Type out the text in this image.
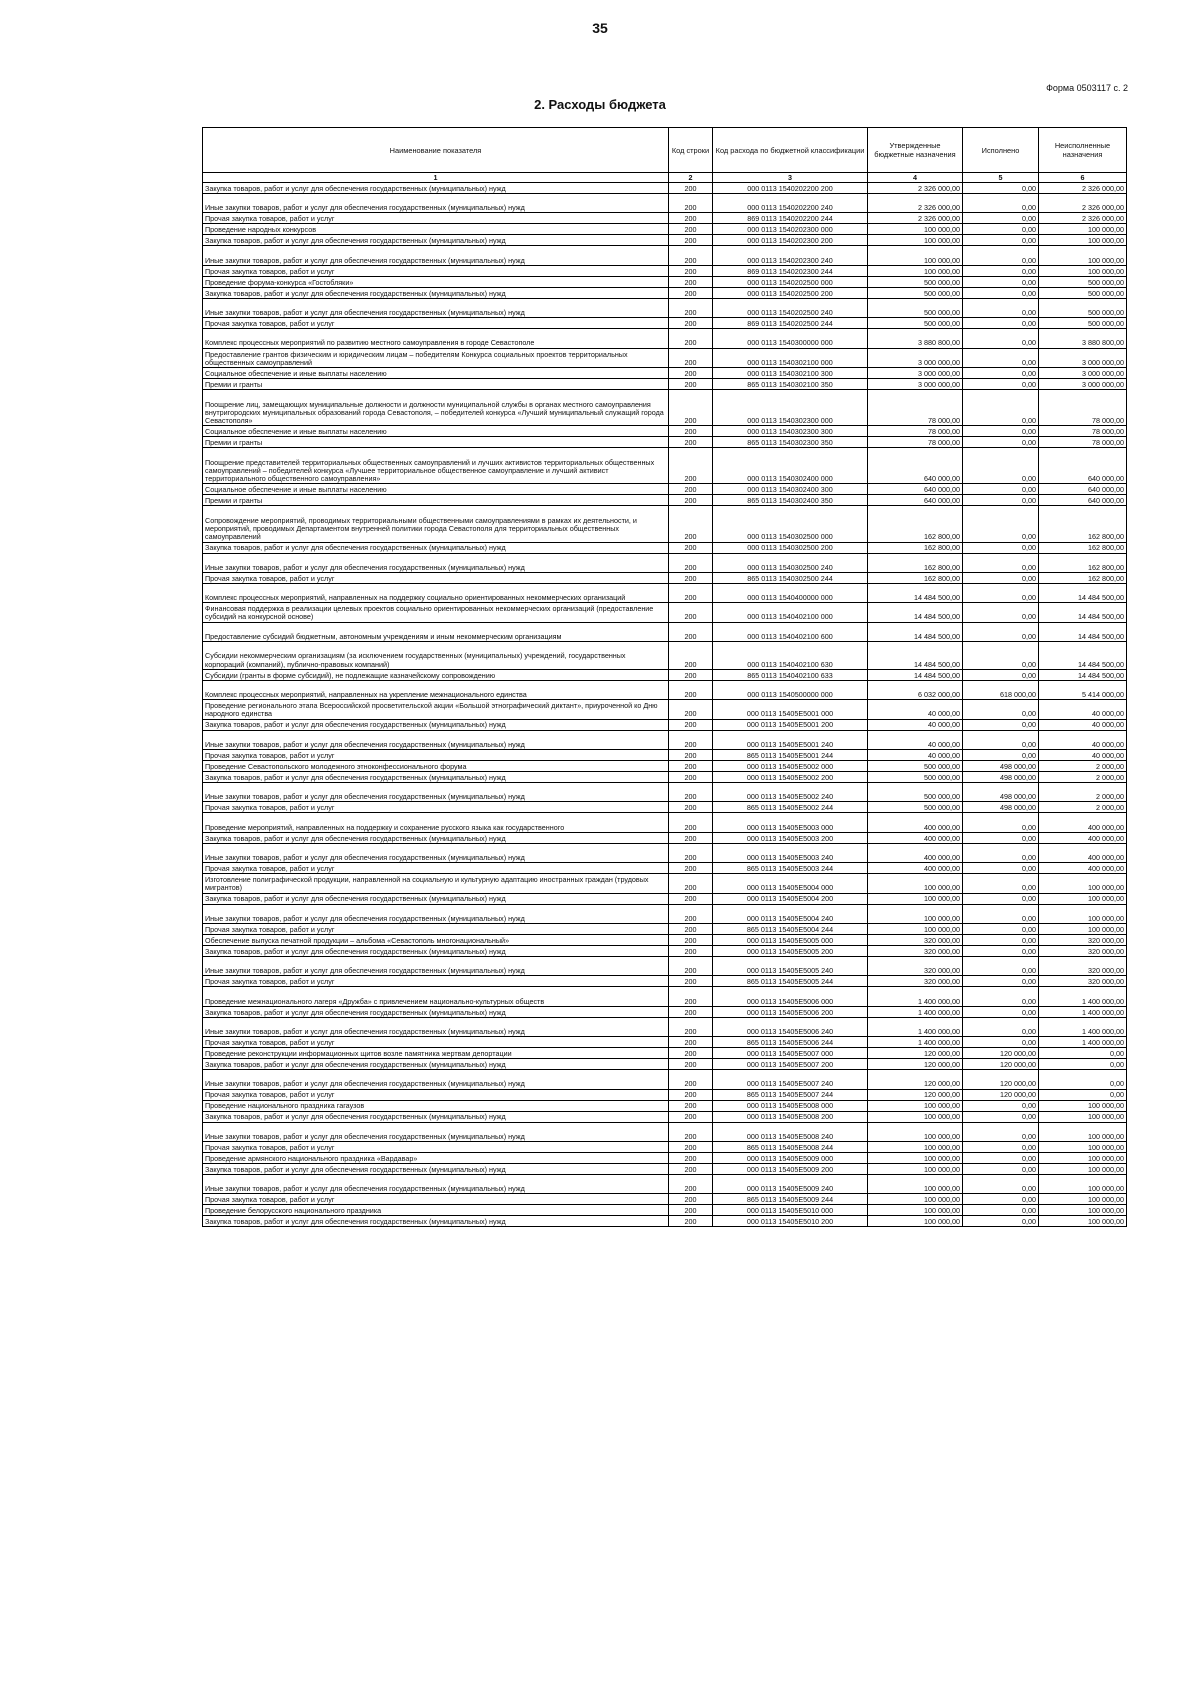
35
Форма 0503117 с. 2
2. Расходы бюджета
Наименование показателя	Код строки	Код расхода по бюджетной классификации	Утвержденные бюджетные назначения	Исполнено	Неисполненные назначения
1	2	3	4	5	6
Закупка товаров, работ и услуг для обеспечения государственных (муниципальных) нужд	200	000 0113 1540202200 200	2 326 000,00	0,00	2 326 000,00
Иные закупки товаров, работ и услуг для обеспечения государственных (муниципальных) нужд	200	000 0113 1540202200 240	2 326 000,00	0,00	2 326 000,00
Прочая закупка товаров, работ и услуг	200	869 0113 1540202200 244	2 326 000,00	0,00	2 326 000,00
Проведение народных конкурсов	200	000 0113 1540202300 000	100 000,00	0,00	100 000,00
Закупка товаров, работ и услуг для обеспечения государственных (муниципальных) нужд	200	000 0113 1540202300 200	100 000,00	0,00	100 000,00
Иные закупки товаров, работ и услуг для обеспечения государственных (муниципальных) нужд	200	000 0113 1540202300 240	100 000,00	0,00	100 000,00
Прочая закупка товаров, работ и услуг	200	869 0113 1540202300 244	100 000,00	0,00	100 000,00
Проведение форума-конкурса «Гостобляки»	200	000 0113 1540202500 000	500 000,00	0,00	500 000,00
Закупка товаров, работ и услуг для обеспечения государственных (муниципальных) нужд	200	000 0113 1540202500 200	500 000,00	0,00	500 000,00
Иные закупки товаров, работ и услуг для обеспечения государственных (муниципальных) нужд	200	000 0113 1540202500 240	500 000,00	0,00	500 000,00
Прочая закупка товаров, работ и услуг	200	869 0113 1540202500 244	500 000,00	0,00	500 000,00
Комплекс процессных мероприятий по развитию местного самоуправления в городе Севастополе	200	000 0113 1540300000 000	3 880 800,00	0,00	3 880 800,00
Предоставление грантов физическим и юридическим лицам – победителям Конкурса социальных проектов территориальных общественных самоуправлений	200	000 0113 1540302100 000	3 000 000,00	0,00	3 000 000,00
Социальное обеспечение и иные выплаты населению	200	000 0113 1540302100 300	3 000 000,00	0,00	3 000 000,00
Премии и гранты	200	865 0113 1540302100 350	3 000 000,00	0,00	3 000 000,00
Поощрение лиц, замещающих муниципальные должности и должности муниципальной службы в органах местного самоуправления внутригородских муниципальных образований города Севастополя, – победителей конкурса «Лучший муниципальный служащий города Севастополя»	200	000 0113 1540302300 000	78 000,00	0,00	78 000,00
Социальное обеспечение и иные выплаты населению	200	000 0113 1540302300 300	78 000,00	0,00	78 000,00
Премии и гранты	200	865 0113 1540302300 350	78 000,00	0,00	78 000,00
Поощрение представителей территориальных общественных самоуправлений и лучших активистов территориальных общественных самоуправлений – победителей конкурса «Лучшее территориальное общественное самоуправление и лучший активист территориального общественного самоуправления»	200	000 0113 1540302400 000	640 000,00	0,00	640 000,00
Социальное обеспечение и иные выплаты населению	200	000 0113 1540302400 300	640 000,00	0,00	640 000,00
Премии и гранты	200	865 0113 1540302400 350	640 000,00	0,00	640 000,00
Сопровождение мероприятий, проводимых территориальными общественными самоуправлениями в рамках их деятельности, и мероприятий, проводимых Департаментом внутренней политики города Севастополя для территориальных общественных самоуправлений	200	000 0113 1540302500 000	162 800,00	0,00	162 800,00
Закупка товаров, работ и услуг для обеспечения государственных (муниципальных) нужд	200	000 0113 1540302500 200	162 800,00	0,00	162 800,00
Иные закупки товаров, работ и услуг для обеспечения государственных (муниципальных) нужд	200	000 0113 1540302500 240	162 800,00	0,00	162 800,00
Прочая закупка товаров, работ и услуг	200	865 0113 1540302500 244	162 800,00	0,00	162 800,00
Комплекс процессных мероприятий, направленных на поддержку социально ориентированных некоммерческих организаций	200	000 0113 1540400000 000	14 484 500,00	0,00	14 484 500,00
Финансовая поддержка в реализации целевых проектов социально ориентированных некоммерческих организаций (предоставление субсидий на конкурсной основе)	200	000 0113 1540402100 000	14 484 500,00	0,00	14 484 500,00
Предоставление субсидий бюджетным, автономным учреждениям и иным некоммерческим организациям	200	000 0113 1540402100 600	14 484 500,00	0,00	14 484 500,00
Субсидии некоммерческим организациям (за исключением государственных (муниципальных) учреждений, государственных корпораций (компаний), публично-правовых компаний)	200	000 0113 1540402100 630	14 484 500,00	0,00	14 484 500,00
Субсидии (гранты в форме субсидий), не подлежащие казначейскому сопровождению	200	865 0113 1540402100 633	14 484 500,00	0,00	14 484 500,00
Комплекс процессных мероприятий, направленных на укрепление межнационального единства	200	000 0113 1540500000 000	6 032 000,00	618 000,00	5 414 000,00
Проведение регионального этапа Всероссийской просветительской акции «Большой этнографический диктант», приуроченной ко Дню народного единства	200	000 0113 15405E5001 000	40 000,00	0,00	40 000,00
Закупка товаров, работ и услуг для обеспечения государственных (муниципальных) нужд	200	000 0113 15405E5001 200	40 000,00	0,00	40 000,00
Иные закупки товаров, работ и услуг для обеспечения государственных (муниципальных) нужд	200	000 0113 15405E5001 240	40 000,00	0,00	40 000,00
Прочая закупка товаров, работ и услуг	200	865 0113 15405E5001 244	40 000,00	0,00	40 000,00
Проведение Севастопольского молодежного этноконфессионального форума	200	000 0113 15405E5002 000	500 000,00	498 000,00	2 000,00
Закупка товаров, работ и услуг для обеспечения государственных (муниципальных) нужд	200	000 0113 15405E5002 200	500 000,00	498 000,00	2 000,00
Иные закупки товаров, работ и услуг для обеспечения государственных (муниципальных) нужд	200	000 0113 15405E5002 240	500 000,00	498 000,00	2 000,00
Прочая закупка товаров, работ и услуг	200	865 0113 15405E5002 244	500 000,00	498 000,00	2 000,00
Проведение мероприятий, направленных на поддержку и сохранение русского языка как государственного	200	000 0113 15405E5003 000	400 000,00	0,00	400 000,00
Закупка товаров, работ и услуг для обеспечения государственных (муниципальных) нужд	200	000 0113 15405E5003 200	400 000,00	0,00	400 000,00
Иные закупки товаров, работ и услуг для обеспечения государственных (муниципальных) нужд	200	000 0113 15405E5003 240	400 000,00	0,00	400 000,00
Прочая закупка товаров, работ и услуг	200	865 0113 15405E5003 244	400 000,00	0,00	400 000,00
Изготовление полиграфической продукции, направленной на социальную и культурную адаптацию иностранных граждан (трудовых мигрантов)	200	000 0113 15405E5004 000	100 000,00	0,00	100 000,00
Закупка товаров, работ и услуг для обеспечения государственных (муниципальных) нужд	200	000 0113 15405E5004 200	100 000,00	0,00	100 000,00
Иные закупки товаров, работ и услуг для обеспечения государственных (муниципальных) нужд	200	000 0113 15405E5004 240	100 000,00	0,00	100 000,00
Прочая закупка товаров, работ и услуг	200	865 0113 15405E5004 244	100 000,00	0,00	100 000,00
Обеспечение выпуска печатной продукции – альбома «Севастополь многонациональный»	200	000 0113 15405E5005 000	320 000,00	0,00	320 000,00
Закупка товаров, работ и услуг для обеспечения государственных (муниципальных) нужд	200	000 0113 15405E5005 200	320 000,00	0,00	320 000,00
Иные закупки товаров, работ и услуг для обеспечения государственных (муниципальных) нужд	200	000 0113 15405E5005 240	320 000,00	0,00	320 000,00
Прочая закупка товаров, работ и услуг	200	865 0113 15405E5005 244	320 000,00	0,00	320 000,00
Проведение межнационального лагеря «Дружба» с привлечением национально-культурных обществ	200	000 0113 15405E5006 000	1 400 000,00	0,00	1 400 000,00
Закупка товаров, работ и услуг для обеспечения государственных (муниципальных) нужд	200	000 0113 15405E5006 200	1 400 000,00	0,00	1 400 000,00
Иные закупки товаров, работ и услуг для обеспечения государственных (муниципальных) нужд	200	000 0113 15405E5006 240	1 400 000,00	0,00	1 400 000,00
Прочая закупка товаров, работ и услуг	200	865 0113 15405E5006 244	1 400 000,00	0,00	1 400 000,00
Проведение реконструкции информационных щитов возле памятника жертвам депортации	200	000 0113 15405E5007 000	120 000,00	120 000,00	0,00
Закупка товаров, работ и услуг для обеспечения государственных (муниципальных) нужд	200	000 0113 15405E5007 200	120 000,00	120 000,00	0,00
Иные закупки товаров, работ и услуг для обеспечения государственных (муниципальных) нужд	200	000 0113 15405E5007 240	120 000,00	120 000,00	0,00
Прочая закупка товаров, работ и услуг	200	865 0113 15405E5007 244	120 000,00	120 000,00	0,00
Проведение национального праздника гагаузов	200	000 0113 15405E5008 000	100 000,00	0,00	100 000,00
Закупка товаров, работ и услуг для обеспечения государственных (муниципальных) нужд	200	000 0113 15405E5008 200	100 000,00	0,00	100 000,00
Иные закупки товаров, работ и услуг для обеспечения государственных (муниципальных) нужд	200	000 0113 15405E5008 240	100 000,00	0,00	100 000,00
Прочая закупка товаров, работ и услуг	200	865 0113 15405E5008 244	100 000,00	0,00	100 000,00
Проведение армянского национального праздника «Вардавар»	200	000 0113 15405E5009 000	100 000,00	0,00	100 000,00
Закупка товаров, работ и услуг для обеспечения государственных (муниципальных) нужд	200	000 0113 15405E5009 200	100 000,00	0,00	100 000,00
Иные закупки товаров, работ и услуг для обеспечения государственных (муниципальных) нужд	200	000 0113 15405E5009 240	100 000,00	0,00	100 000,00
Прочая закупка товаров, работ и услуг	200	865 0113 15405E5009 244	100 000,00	0,00	100 000,00
Проведение белорусского национального праздника	200	000 0113 15405E5010 000	100 000,00	0,00	100 000,00
Закупка товаров, работ и услуг для обеспечения государственных (муниципальных) нужд	200	000 0113 15405E5010 200	100 000,00	0,00	100 000,00
